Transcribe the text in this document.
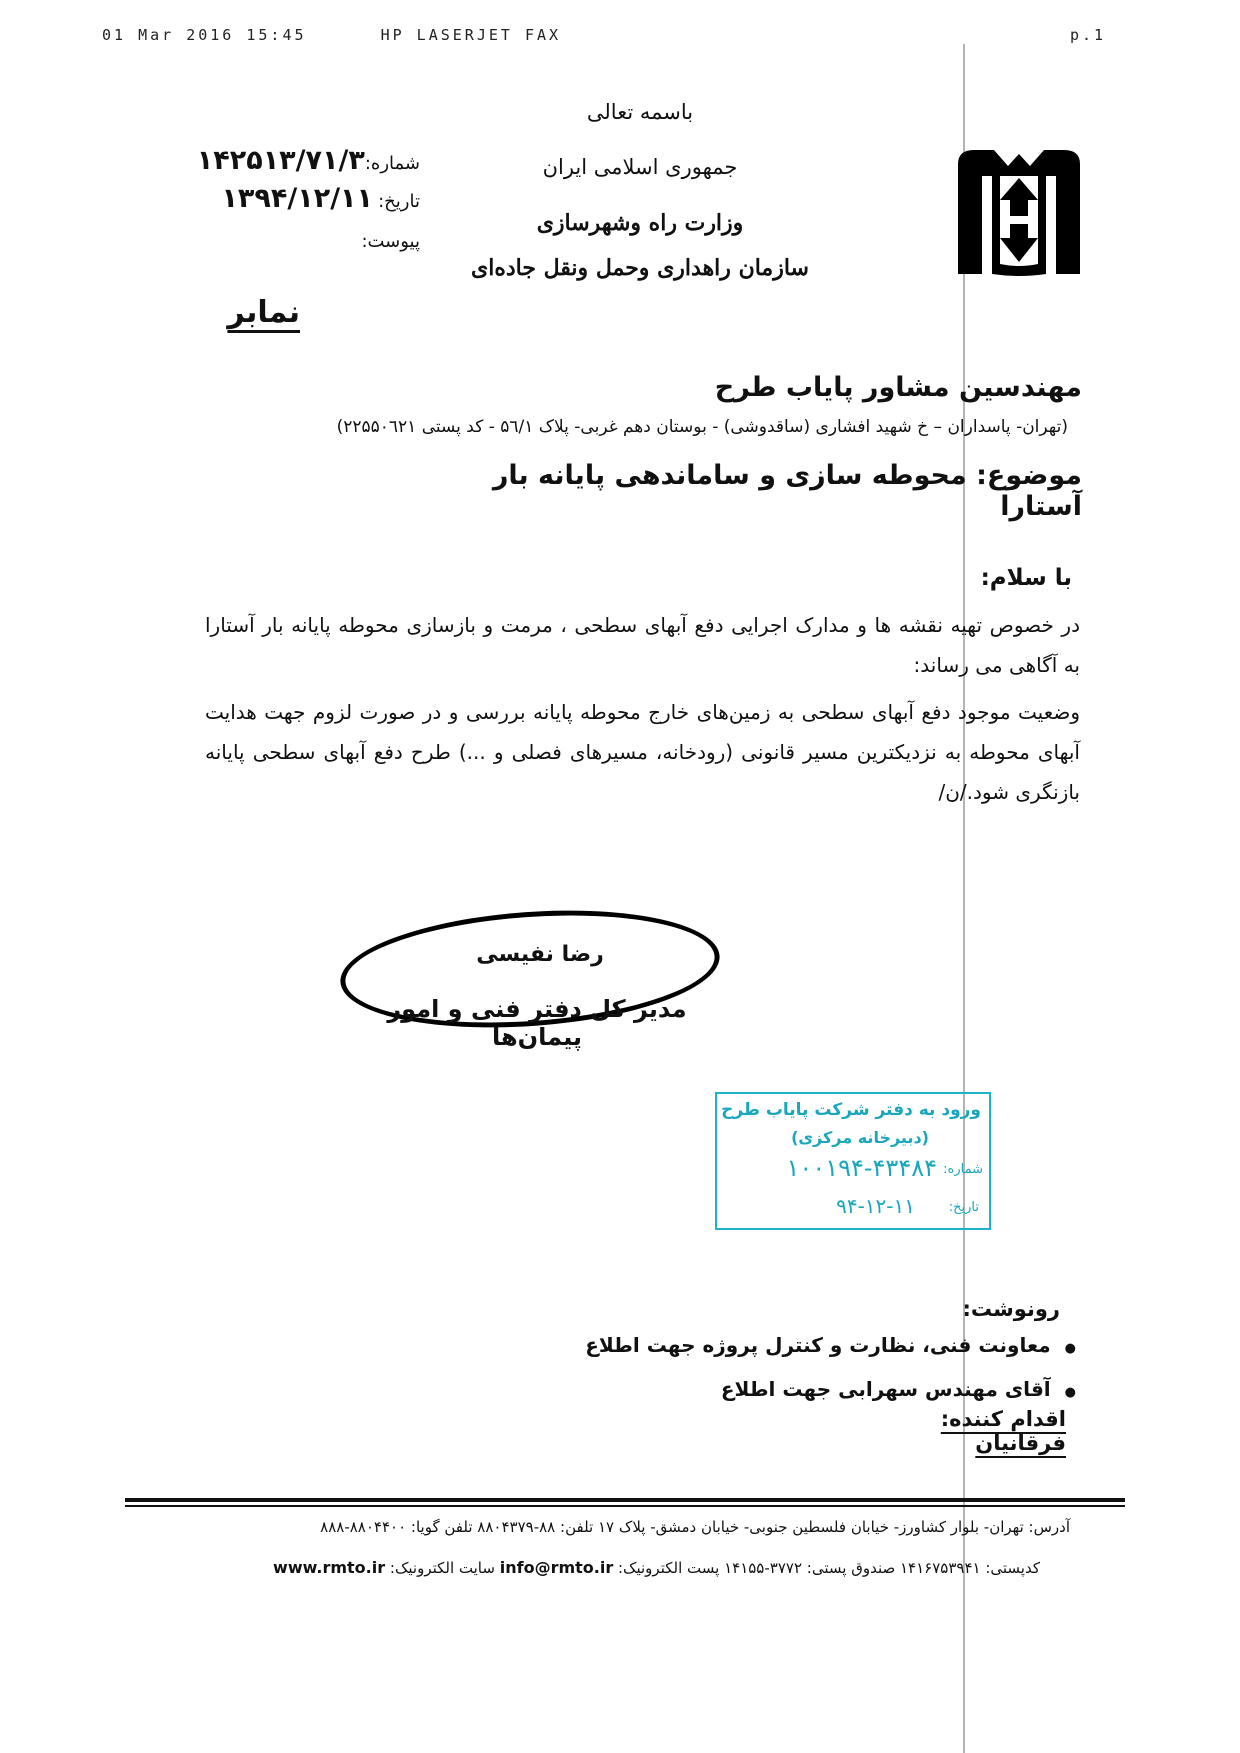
01 Mar 2016 15:45	HP LASERJET FAX	p.1
باسمه تعالی
جمهوری اسلامی ایران
وزارت راه وشهرسازی
سازمان راهداری وحمل ونقل جاده‌ای
شماره:۱۴۲۵۱۳/۷۱/۳
تاریخ: ۱۳۹۴/۱۲/۱۱
پیوست:
نمابر
مهندسین مشاور پایاب طرح
(تهران- پاسداران – خ شهید افشاری (ساقدوشی) - بوستان دهم غربی- پلاک ۵٦/۱ - کد پستی ۲۲۵۵۰٦۲۱)
موضوع: محوطه سازی و ساماندهی پایانه بار آستارا
با سلام:
در خصوص تهیه نقشه ها و مدارک اجرایی دفع آبهای سطحی ، مرمت و بازسازی محوطه پایانه بار آستارا به آگاهی می رساند:
وضعیت موجود دفع آبهای سطحی به زمین‌های خارج محوطه پایانه بررسی و در صورت لزوم جهت هدایت آبهای محوطه به نزدیکترین مسیر قانونی (رودخانه، مسیرهای فصلی و ...) طرح دفع آبهای سطحی پایانه بازنگری شود./ن/
رضا نفیسی
مدیر کل دفتر فنی و امور پیمان‌ها
ورود به دفتر شرکت پایاب طرح
(دبیرخانه مرکزی)
شماره:
۱۰۰۱۹۴-۴۳۴۸۴
تاریخ:
۹۴-۱۲-۱۱
رونوشت:
● معاونت فنی، نظارت و کنترل پروژه جهت اطلاع
● آقای مهندس سهرابی جهت اطلاع
اقدام کننده: فرقانیان
آدرس: تهران- بلوار کشاورز- خیابان فلسطین جنوبی- خیابان دمشق- پلاک ۱۷ تلفن: ۸۸-۸۸۰۴۳۷۹ تلفن گویا: ۸۸۰۴۴۰۰-۸۸۸
کدپستی: ۱۴۱۶۷۵۳۹۴۱ صندوق پستی: ۳۷۷۲-۱۴۱۵۵ پست الکترونیک: info@rmto.ir سایت الکترونیک: www.rmto.ir
